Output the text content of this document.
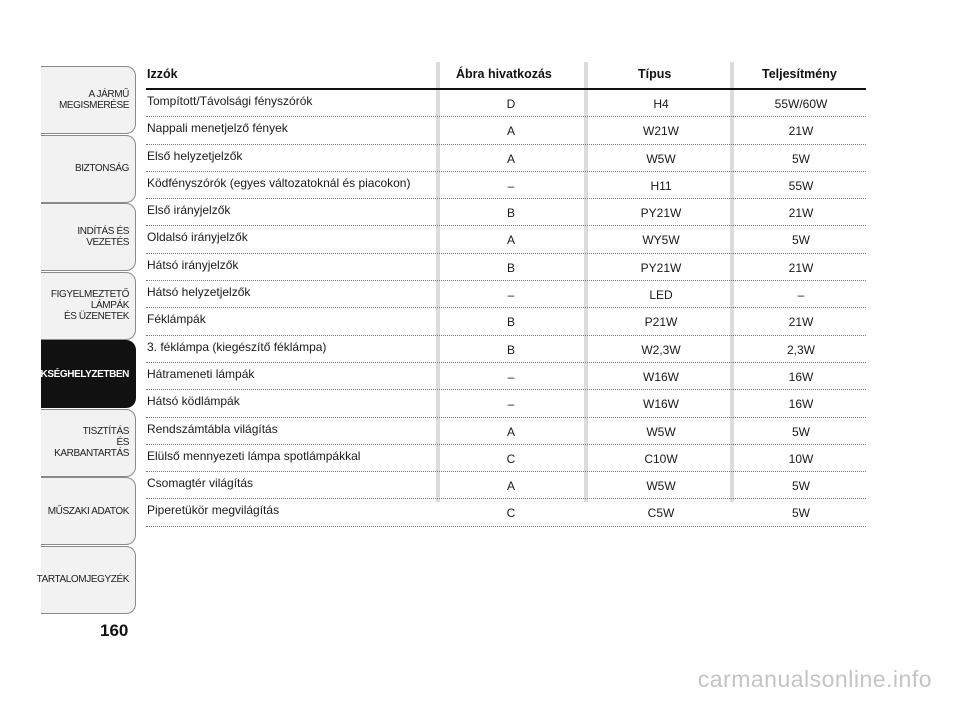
A JÁRMŰ
MEGISMERÉSE
BIZTONSÁG
INDÍTÁS ÉS VEZETÉS
FIGYELMEZTETŐ
LÁMPÁK
ÉS ÜZENETEK
SZÜKSÉGHELYZETBEN
TISZTÍTÁS
ÉS KARBANTARTÁS
MŰSZAKI ADATOK
TARTALOMJEGYZÉK
160
Izzók	Ábra hivatkozás	Típus	Teljesítmény
Tompított/Távolsági fényszórók	D	H4	55W/60W
Nappali menetjelző fények	A	W21W	21W
Első helyzetjelzők	A	W5W	5W
Ködfényszórók (egyes változatoknál és piacokon)	–	H11	55W
Első irányjelzők	B	PY21W	21W
Oldalsó irányjelzők	A	WY5W	5W
Hátsó irányjelzők	B	PY21W	21W
Hátsó helyzetjelzők	–	LED	–
Féklámpák	B	P21W	21W
3. féklámpa (kiegészítő féklámpa)	B	W2,3W	2,3W
Hátrameneti lámpák	–	W16W	16W
Hátsó ködlámpák	–	W16W	16W
Rendszámtábla világítás	A	W5W	5W
Elülső mennyezeti lámpa spotlámpákkal	C	C10W	10W
Csomagtér világítás	A	W5W	5W
Piperetükör megvilágítás	C	C5W	5W
carmanualsonline.info
